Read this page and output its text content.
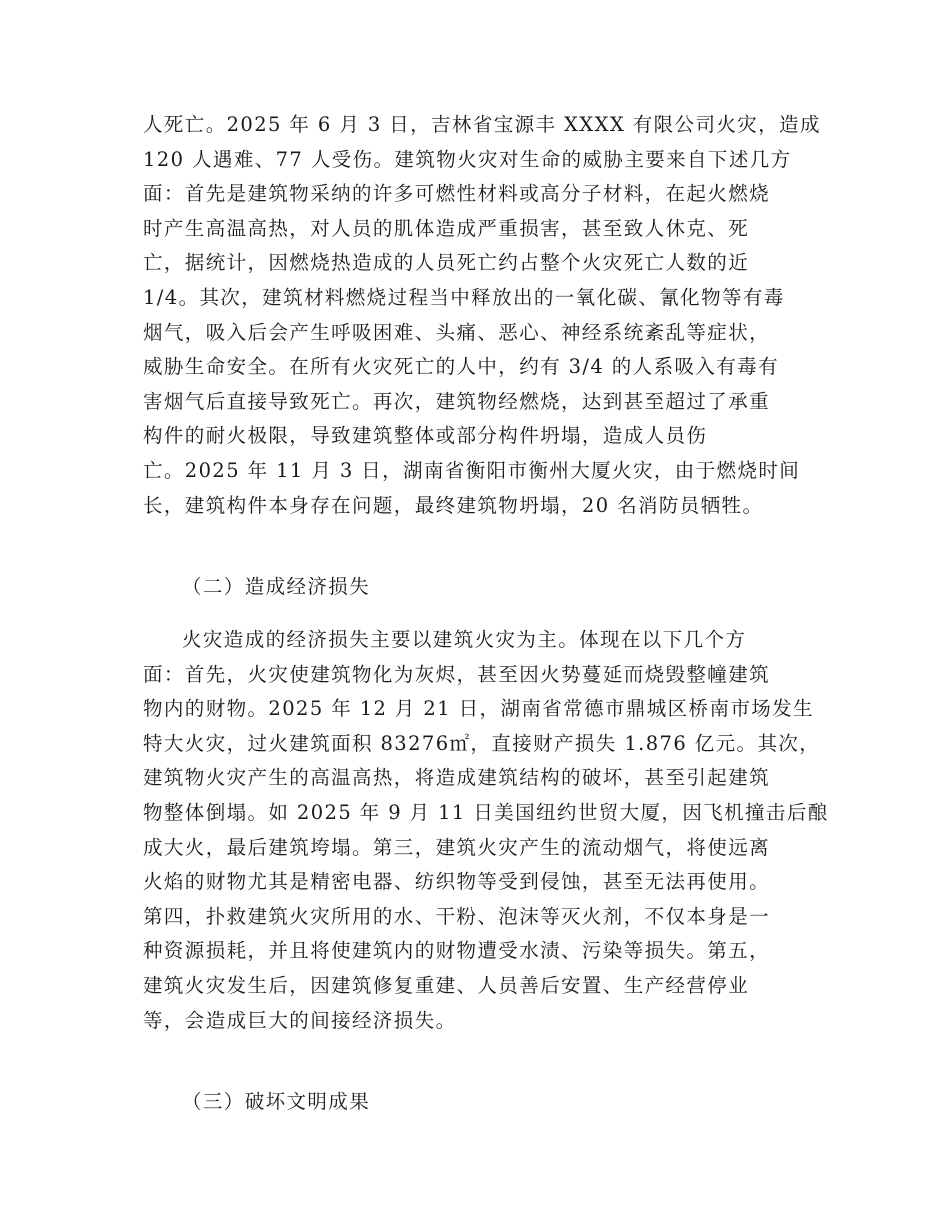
人死亡。2025 年 6 月 3 日，吉林省宝源丰 XXXX 有限公司火灾，造成
120 人遇难、77 人受伤。建筑物火灾对生命的威胁主要来自下述几方
面：首先是建筑物采纳的许多可燃性材料或高分子材料，在起火燃烧
时产生高温高热，对人员的肌体造成严重损害，甚至致人休克、死
亡，据统计，因燃烧热造成的人员死亡约占整个火灾死亡人数的近
1/4。其次，建筑材料燃烧过程当中释放出的一氧化碳、氰化物等有毒
烟气，吸入后会产生呼吸困难、头痛、恶心、神经系统紊乱等症状，
威胁生命安全。在所有火灾死亡的人中，约有 3/4 的人系吸入有毒有
害烟气后直接导致死亡。再次，建筑物经燃烧，达到甚至超过了承重
构件的耐火极限，导致建筑整体或部分构件坍塌，造成人员伤
亡。2025 年 11 月 3 日，湖南省衡阳市衡州大厦火灾，由于燃烧时间
长，建筑构件本身存在问题，最终建筑物坍塌，20 名消防员牺牲。

（二）造成经济损失

火灾造成的经济损失主要以建筑火灾为主。体现在以下几个方
面：首先，火灾使建筑物化为灰烬，甚至因火势蔓延而烧毁整幢建筑
物内的财物。2025 年 12 月 21 日，湖南省常德市鼎城区桥南市场发生
特大火灾，过火建筑面积 83276㎡，直接财产损失 1.876 亿元。其次，
建筑物火灾产生的高温高热，将造成建筑结构的破坏，甚至引起建筑
物整体倒塌。如 2025 年 9 月 11 日美国纽约世贸大厦，因飞机撞击后酿
成大火，最后建筑垮塌。第三，建筑火灾产生的流动烟气，将使远离
火焰的财物尤其是精密电器、纺织物等受到侵蚀，甚至无法再使用。
第四，扑救建筑火灾所用的水、干粉、泡沫等灭火剂，不仅本身是一
种资源损耗，并且将使建筑内的财物遭受水渍、污染等损失。第五，
建筑火灾发生后，因建筑修复重建、人员善后安置、生产经营停业
等，会造成巨大的间接经济损失。

（三）破坏文明成果
